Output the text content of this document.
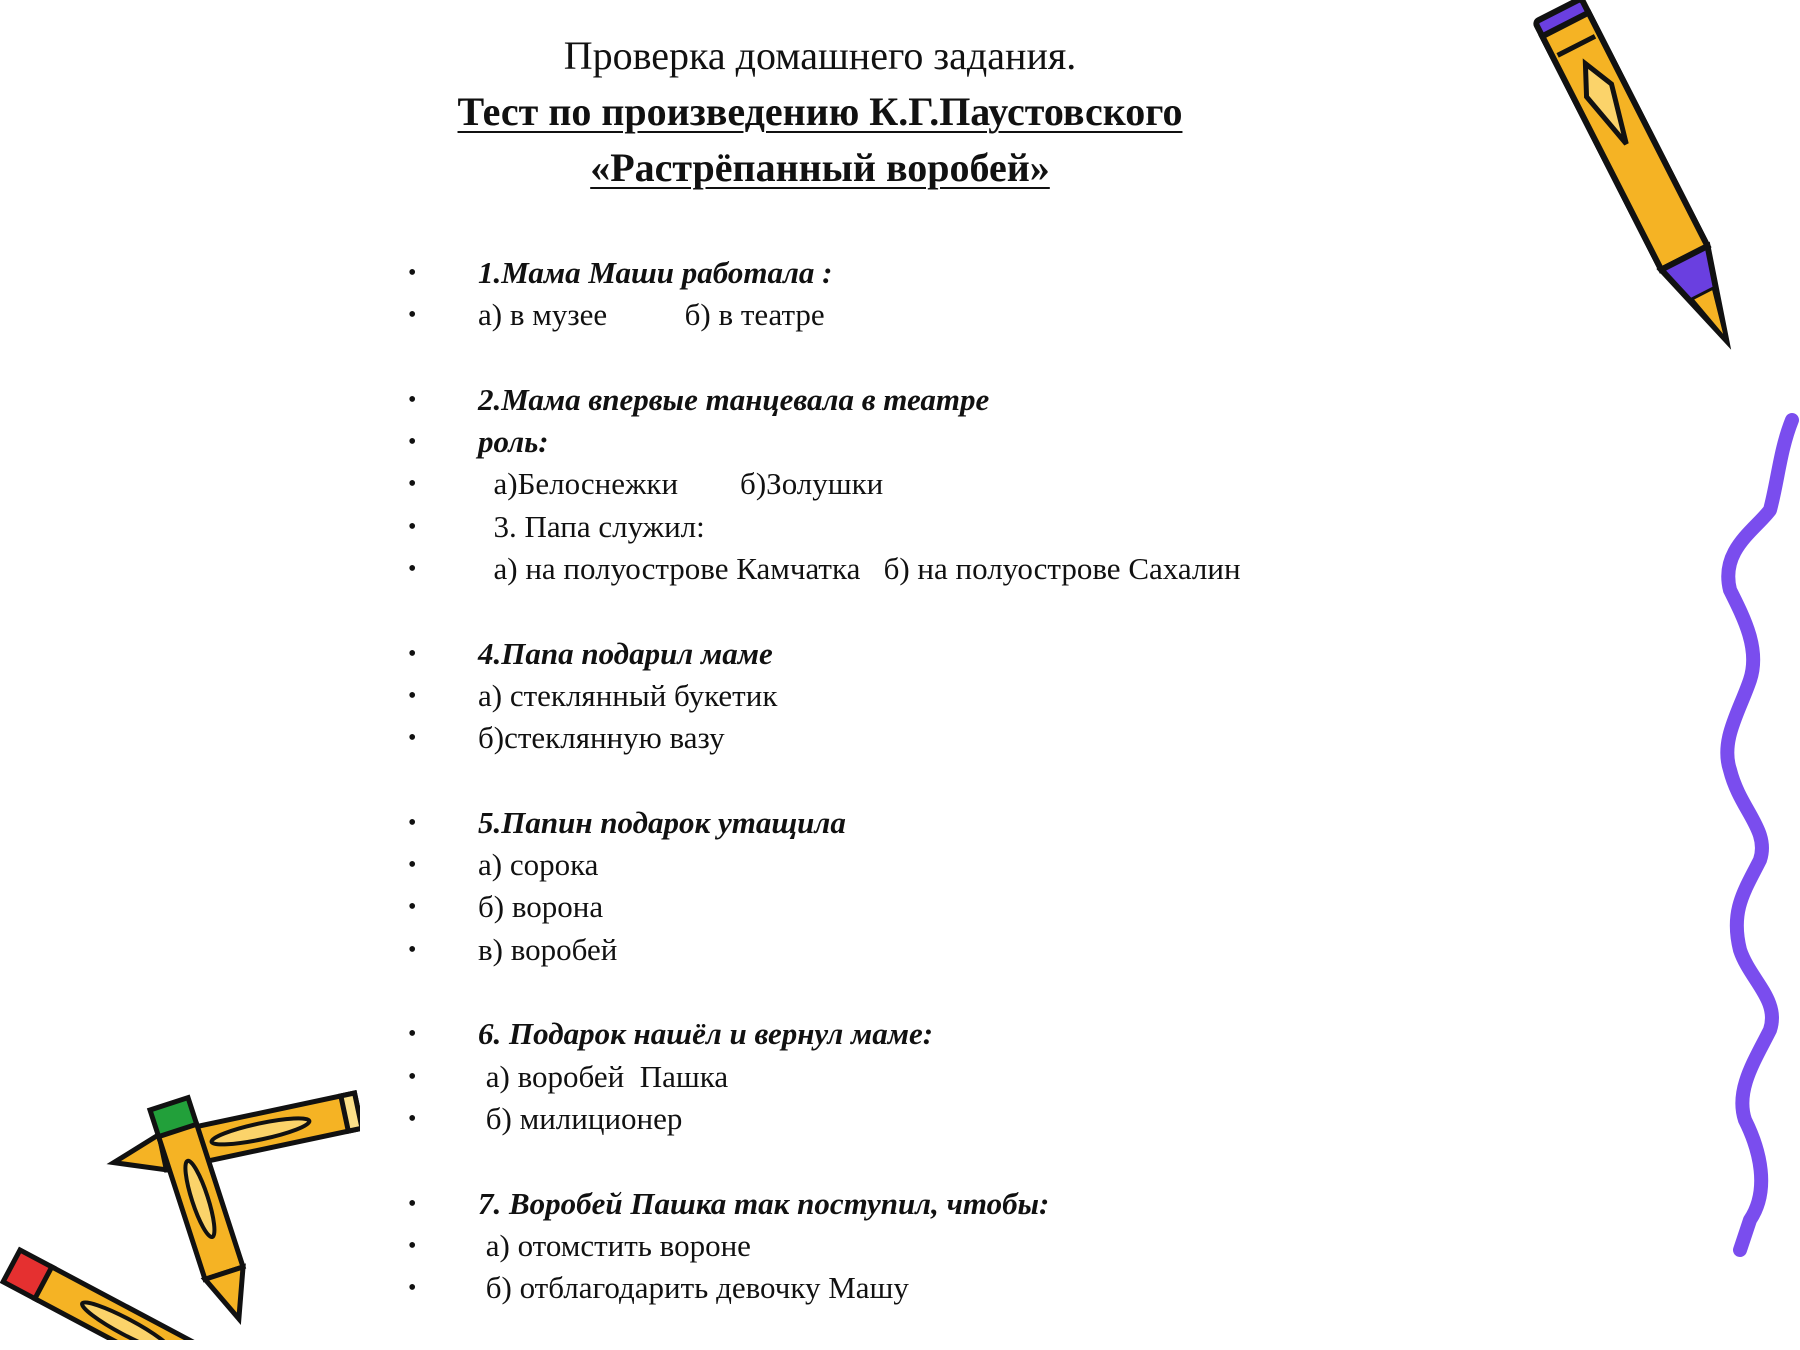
Проверка домашнего задания.
Тест по произведению К.Г.Паустовского
«Растрёпанный воробей»
•	1.Мама Маши работала :
•	а) в музее          б) в театре
•	2.Мама впервые танцевала в театре
•	роль:
•	а)Белоснежки        б)Золушки
•	3. Папа служил:
•	а) на полуострове Камчатка   б) на полуострове Сахалин
•	4.Папа подарил маме
•	а) стеклянный букетик
•	б)стеклянную вазу
•	5.Папин подарок утащила
•	а) сорока
•	б) ворона
•	в) воробей
•	6. Подарок нашёл и вернул маме:
•	а) воробей  Пашка
•	б) милиционер
•	7. Воробей Пашка так поступил, чтобы:
•	а) отомстить вороне
•	б) отблагодарить девочку Машу
